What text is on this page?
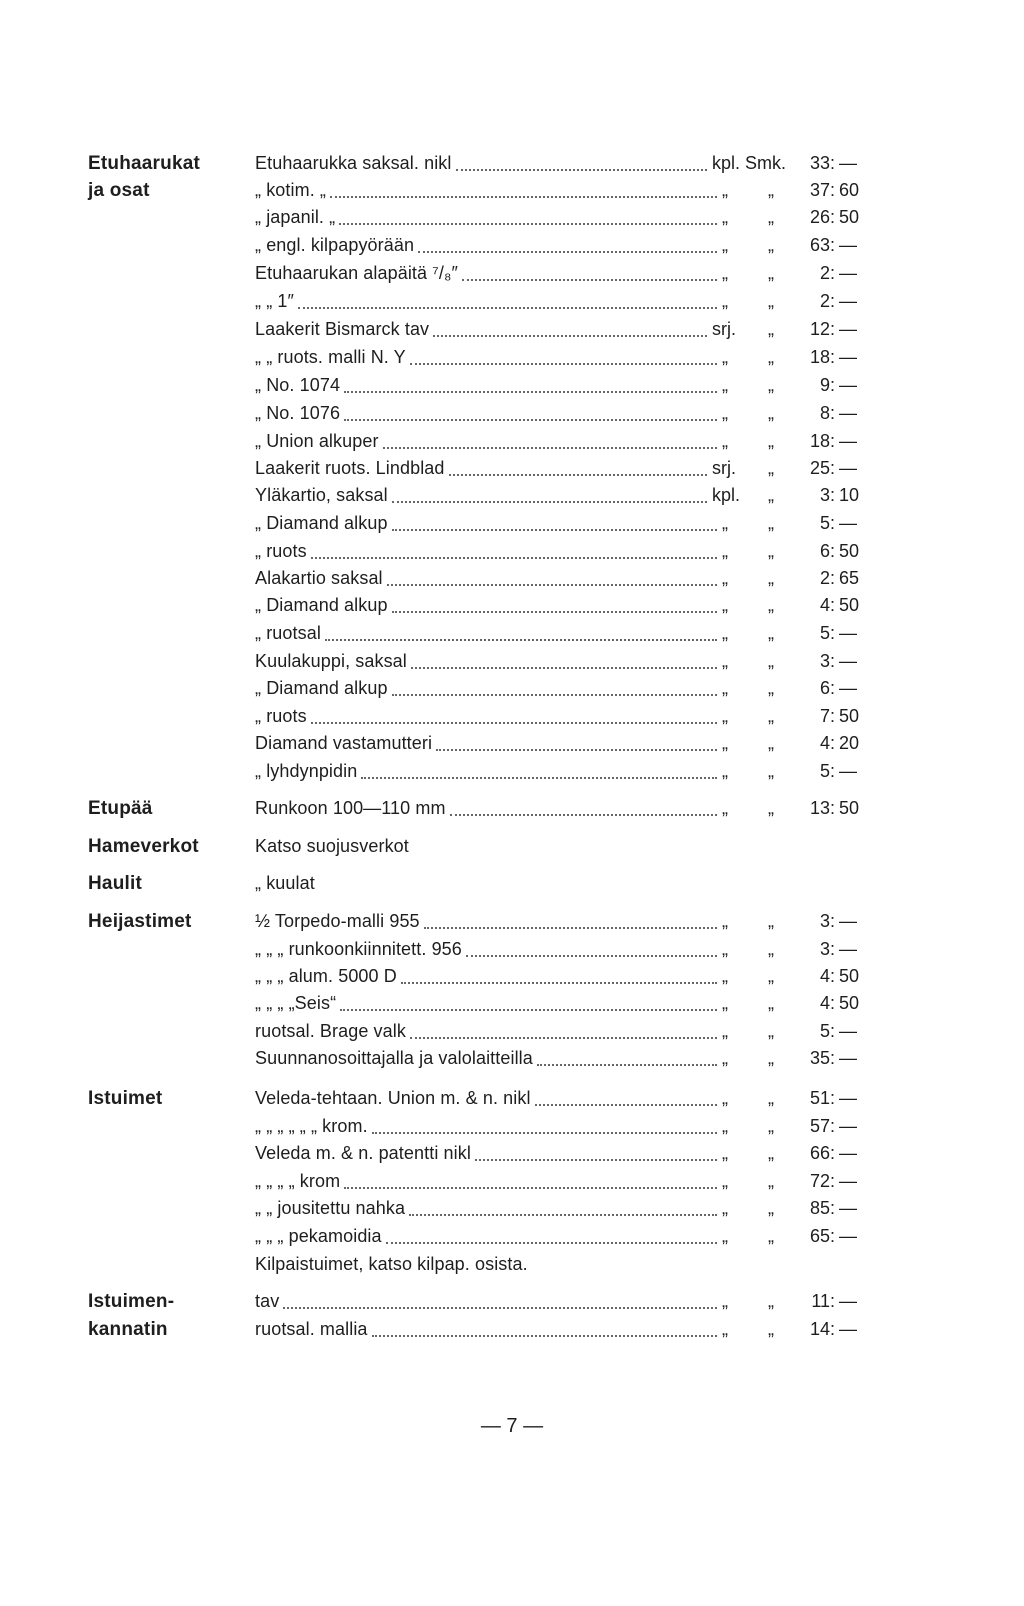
Etuhaarukat	Etuhaarukka saksal. nikl	kpl. Smk.	33: —
ja osat	„ kotim. „	„ „	37: 60
„ japanil. „	„ „	26: 50
„ engl. kilpapyörään	„ „	63: —
Etuhaarukan alapäitä ⁷/₈″	„ „	2: —
„ „ 1″	„ „	2: —
Laakerit Bismarck tav	srj. „	12: —
„ „ ruots. malli N. Y	„ „	18: —
„ No. 1074	„ „	9: —
„ No. 1076	„ „	8: —
„ Union alkuper	„ „	18: —
Laakerit ruots. Lindblad	srj. „	25: —
Yläkartio, saksal	kpl. „	3: 10
„ Diamand alkup	„ „	5: —
„ ruots	„ „	6: 50
Alakartio saksal	„ „	2: 65
„ Diamand alkup	„ „	4: 50
„ ruotsal	„ „	5: —
Kuulakuppi, saksal	„ „	3: —
„ Diamand alkup	„ „	6: —
„ ruots	„ „	7: 50
Diamand vastamutteri	„ „	4: 20
„ lyhdynpidin	„ „	5: —
Etupää	Runkoon 100—110 mm	„ „	13: 50
Hameverkot	Katso suojusverkot
Haulit	„ kuulat
Heijastimet	½ Torpedo-malli 955	„ „	3: —
„ „ „ runkoonkiinnitett. 956	„ „	3: —
„ „ „ alum. 5000 D	„ „	4: 50
„ „ „ „Seis“	„ „	4: 50
ruotsal. Brage valk	„ „	5: —
Suunnanosoittajalla ja valolaitteilla	„ „	35: —
Istuimet	Veleda-tehtaan. Union m. & n. nikl	„ „	51: —
„ „ „ „ „ „ krom.	„ „	57: —
Veleda m. & n. patentti nikl	„ „	66: —
„ „ „ „ krom	„ „	72: —
„ „ jousitettu nahka	„ „	85: —
„ „ „ pekamoidia	„ „	65: —
Kilpaistuimet, katso kilpap. osista.
Istuimen-	tav	„ „	11: —
kannatin	ruotsal. mallia	„ „	14: —
— 7 —
